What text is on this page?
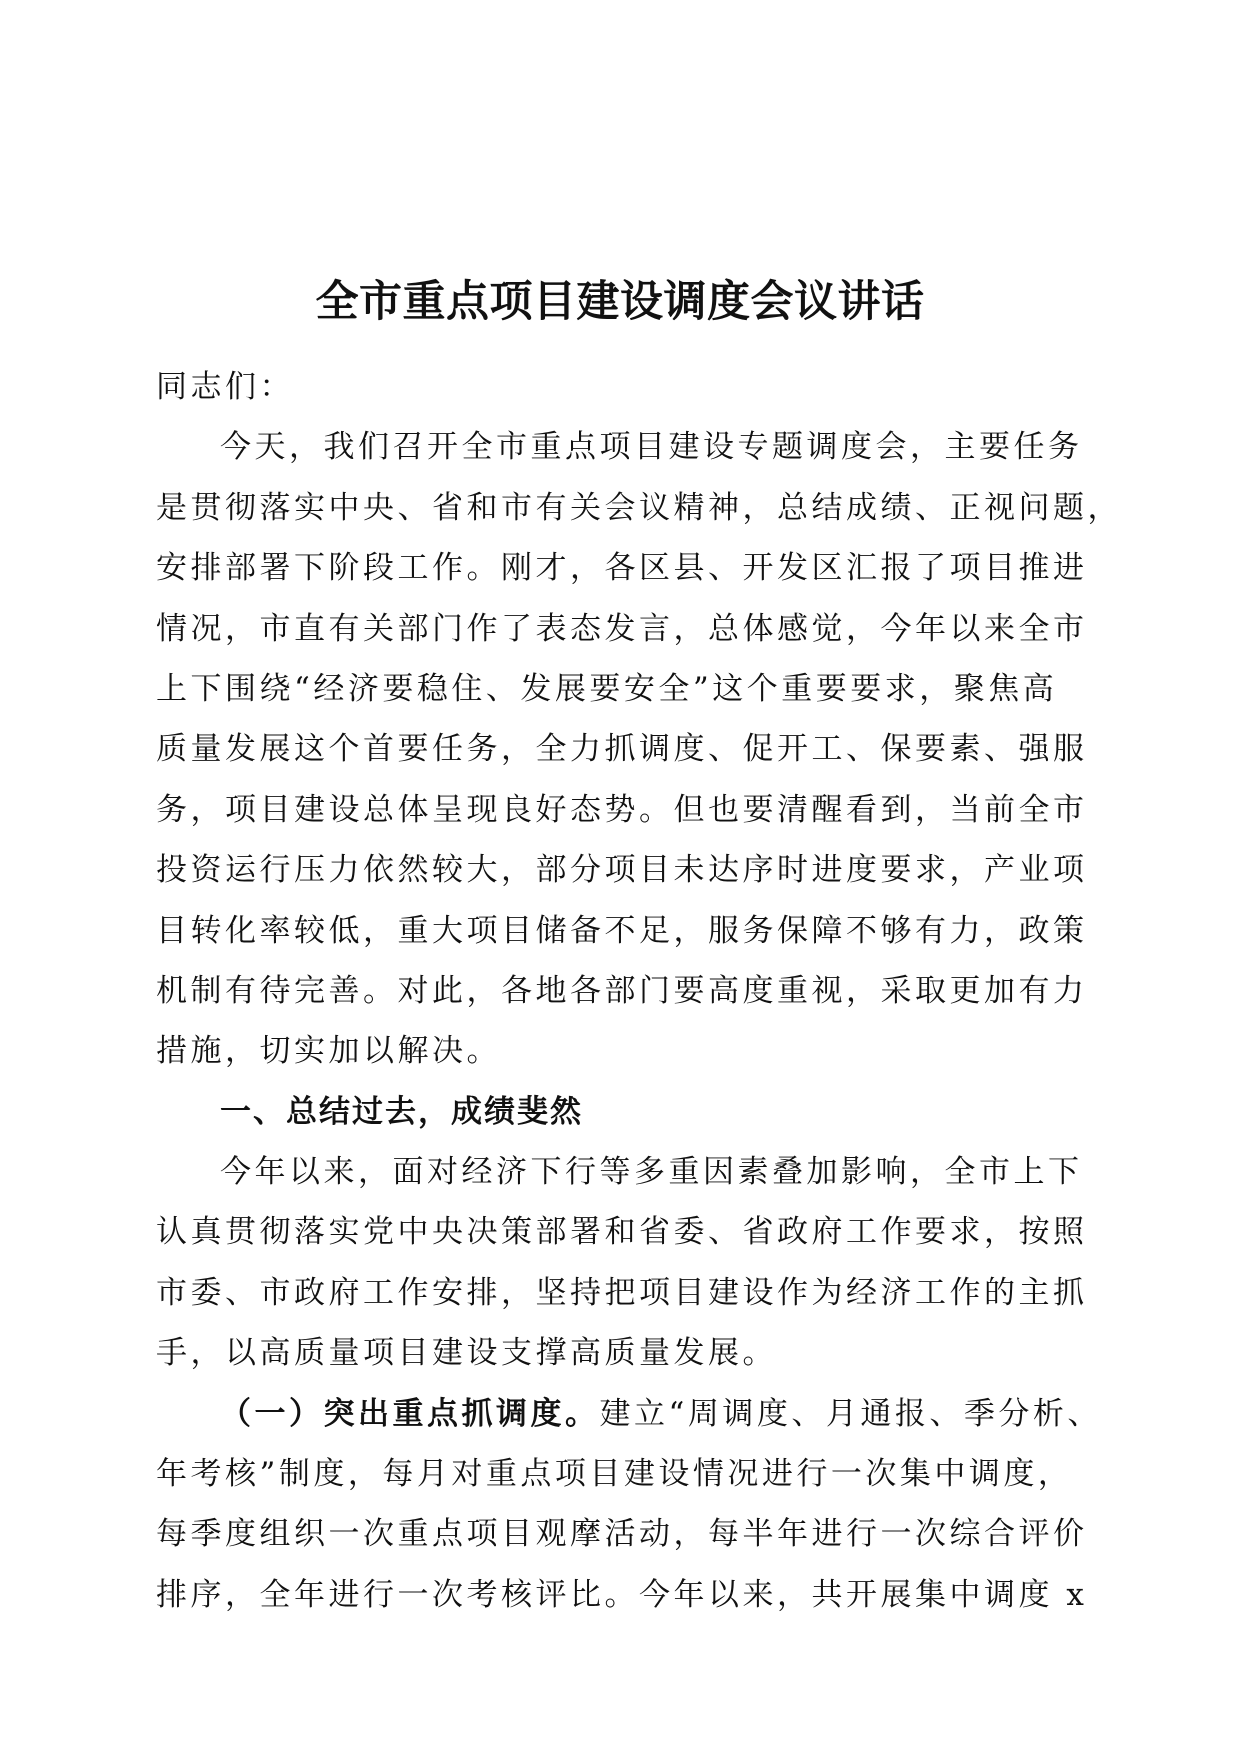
全市重点项目建设调度会议讲话
同志们：
今天，我们召开全市重点项目建设专题调度会，主要任务
是贯彻落实中央、省和市有关会议精神，总结成绩、正视问题，
安排部署下阶段工作。刚才，各区县、开发区汇报了项目推进
情况，市直有关部门作了表态发言，总体感觉，今年以来全市
上下围绕“经济要稳住、发展要安全”这个重要要求，聚焦高
质量发展这个首要任务，全力抓调度、促开工、保要素、强服
务，项目建设总体呈现良好态势。但也要清醒看到，当前全市
投资运行压力依然较大，部分项目未达序时进度要求，产业项
目转化率较低，重大项目储备不足，服务保障不够有力，政策
机制有待完善。对此，各地各部门要高度重视，采取更加有力
措施，切实加以解决。
一、总结过去，成绩斐然
今年以来，面对经济下行等多重因素叠加影响，全市上下
认真贯彻落实党中央决策部署和省委、省政府工作要求，按照
市委、市政府工作安排，坚持把项目建设作为经济工作的主抓
手，以高质量项目建设支撑高质量发展。
（一）突出重点抓调度。建立“周调度、月通报、季分析、
年考核”制度，每月对重点项目建设情况进行一次集中调度，
每季度组织一次重点项目观摩活动，每半年进行一次综合评价
排序，全年进行一次考核评比。今年以来，共开展集中调度 x
